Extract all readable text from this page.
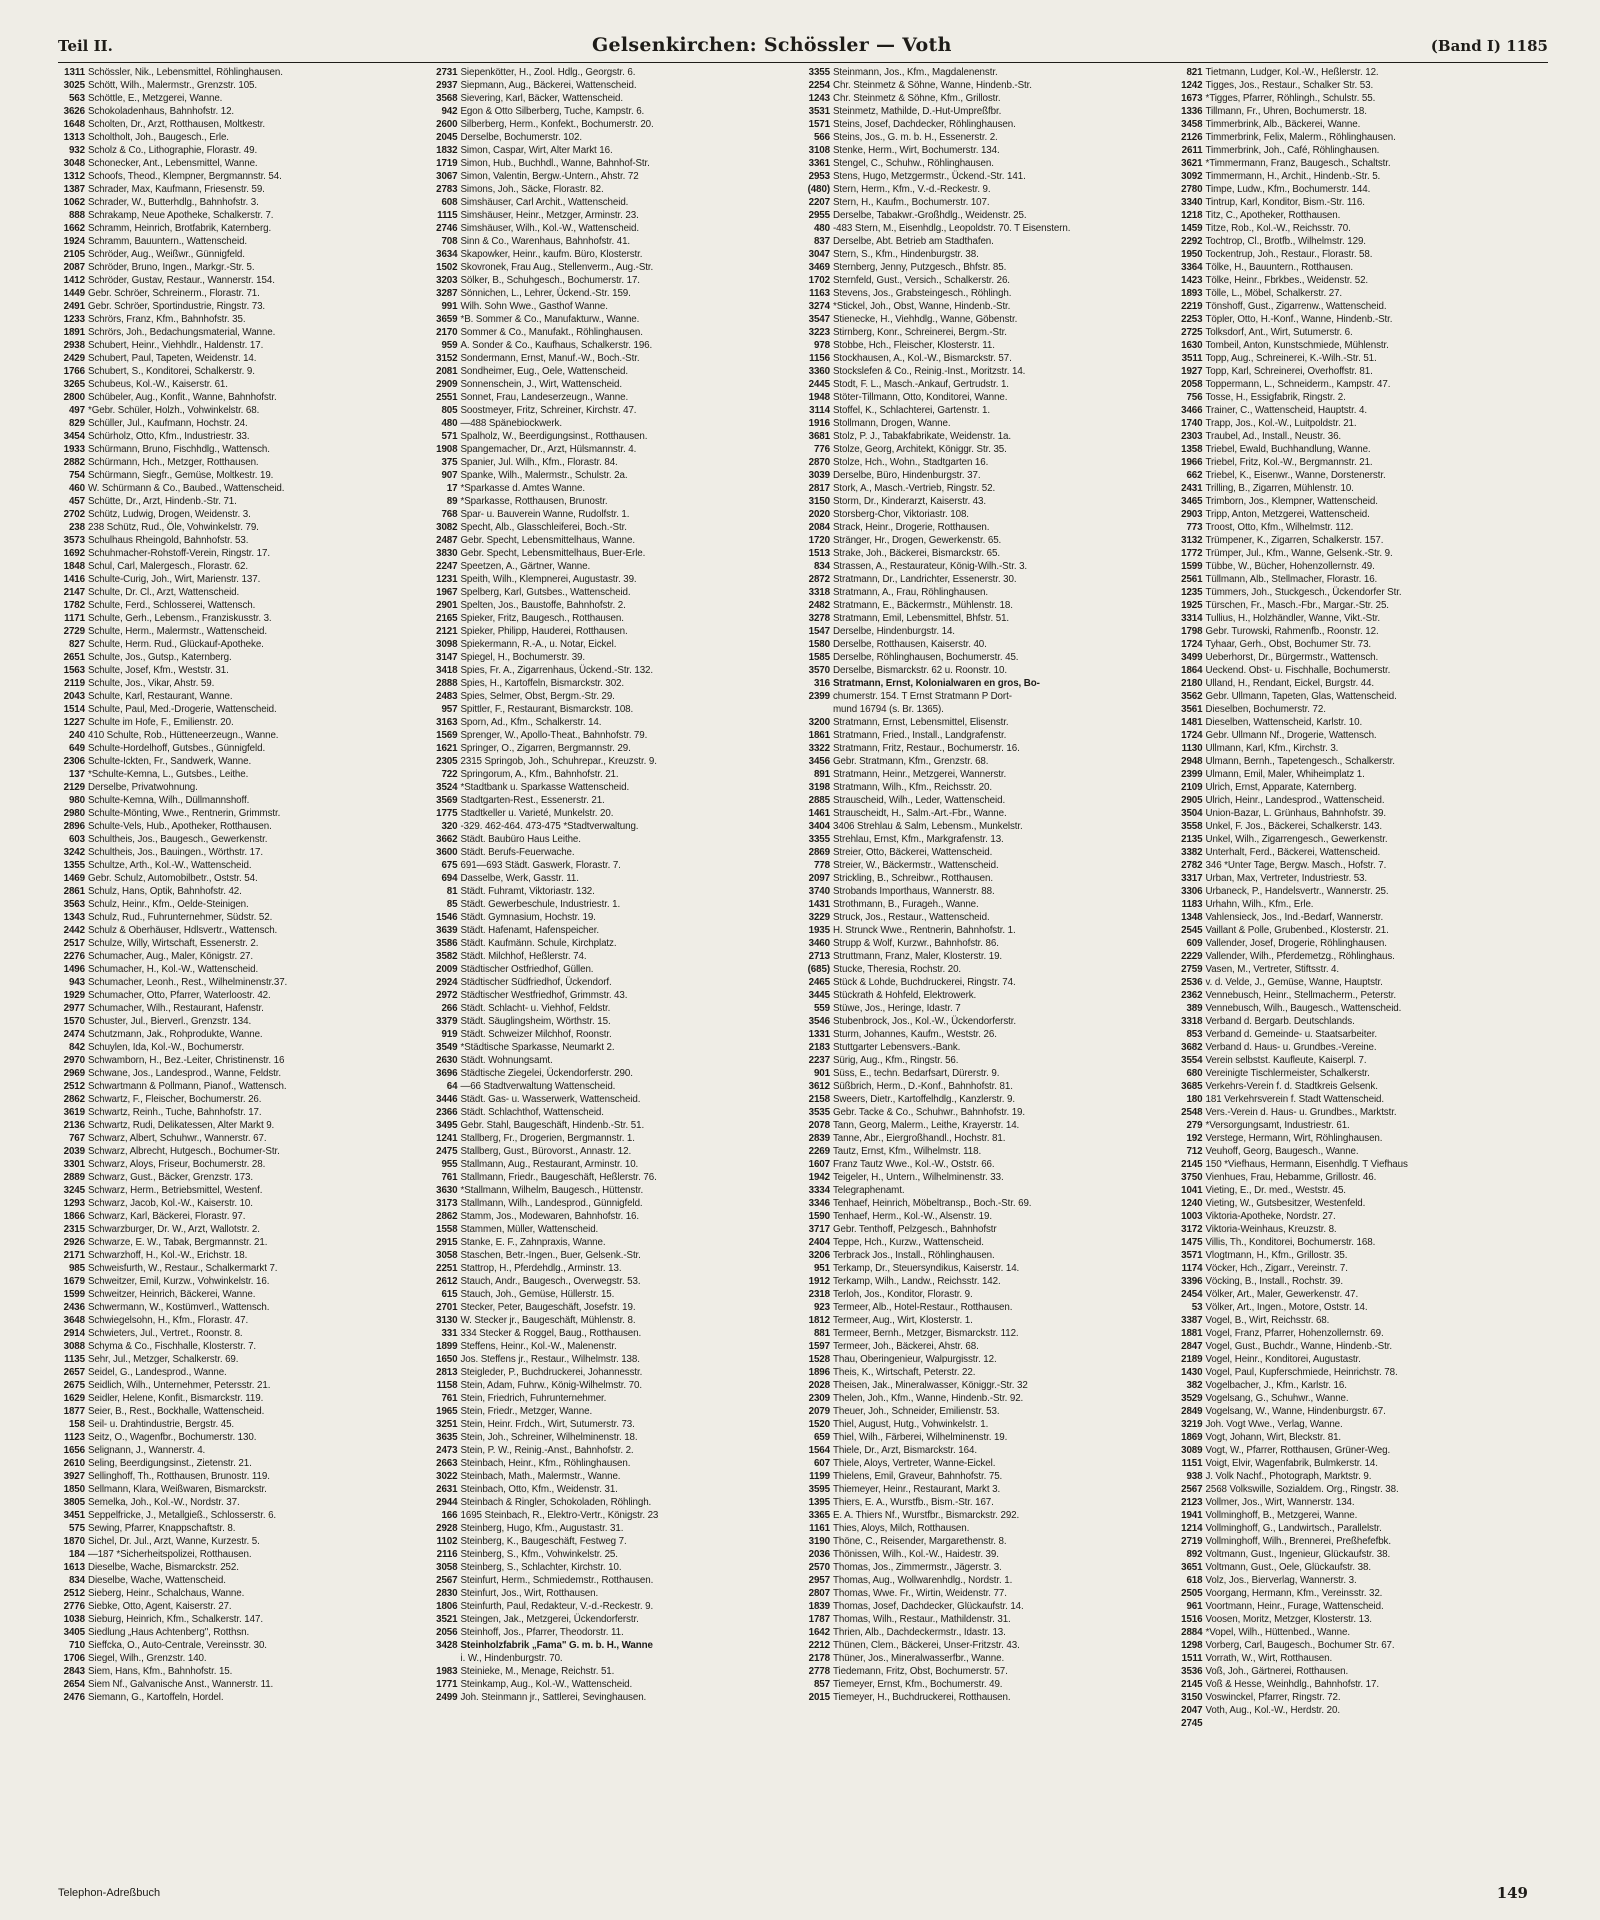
Teil II.	Gelsenkirchen: Schössler — Voth	(Band I) 1185
1311 Schössler, Nik., Lebensmittel, Röhlinghausen.
3025 Schött, Wilh., Malermstr., Grenzstr. 105.
563 Schöttle, E., Metzgerei, Wanne.
3626 Schokoladenhaus, Bahnhofstr. 12.
1648 Scholten, Dr., Arzt, Rotthausen, Moltkestr.
1313 Scholtholt, Joh., Baugesch., Erle.
932 Scholz & Co., Lithographie, Florastr. 49.
3048 Schonecker, Ant., Lebensmittel, Wanne.
1312 Schoofs, Theod., Klempner, Bergmannstr. 54.
1387 Schrader, Max, Kaufmann, Friesenstr. 59.
1062 Schrader, W., Butterhdlg., Bahnhofstr. 3.
888 Schrakamp, Neue Apotheke, Schalkerstr. 7.
1662 Schramm, Heinrich, Brotfabrik, Katernberg.
1924 Schramm, Bauuntern., Wattenscheid.
2105 Schröder, Aug., Weißwr., Günnigfeld.
2087 Schröder, Bruno, Ingen., Markgr.-Str. 5.
1412 Schröder, Gustav, Restaur., Wannerstr. 154.
1449 Gebr. Schröer, Schreinerm., Florastr. 71.
2491 Gebr. Schröer, Sportindustrie, Ringstr. 73.
1233 Schrörs, Franz, Kfm., Bahnhofstr. 35.
1891 Schrörs, Joh., Bedachungsmaterial, Wanne.
2938 Schubert, Heinr., Viehhdlr., Haldenstr. 17.
2429 Schubert, Paul, Tapeten, Weidenstr. 14.
1766 Schubert, S., Konditorei, Schalkerstr. 9.
3265 Schubeus, Kol.-W., Kaiserstr. 61.
2800 Schübeler, Aug., Konfit., Wanne, Bahnhofstr.
497 *Gebr. Schüler, Holzh., Vohwinkelstr. 68.
829 Schüller, Jul., Kaufmann, Hochstr. 24.
3454 Schürholz, Otto, Kfm., Industriestr. 33.
1933 Schürmann, Bruno, Fischhdlg., Wattensch.
2882 Schürmann, Hch., Metzger, Rotthausen.
754 Schürmann, Siegfr., Gemüse, Moltkestr. 19.
460 W. Schürmann & Co., Baubed., Wattenscheid.
457 Schütte, Dr., Arzt, Hindenb.-Str. 71.
2702 Schütz, Ludwig, Drogen, Weidenstr. 3.
238 238 Schütz, Rud., Öle, Vohwinkelstr. 79.
3573 Schulhaus Rheingold, Bahnhofstr. 53.
1692 Schuhmacher-Rohstoff-Verein, Ringstr. 17.
1848 Schul, Carl, Malergesch., Florastr. 62.
1416 Schulte-Curig, Joh., Wirt, Marienstr. 137.
2147 Schulte, Dr. Cl., Arzt, Wattenscheid.
1782 Schulte, Ferd., Schlosserei, Wattensch.
1171 Schulte, Gerh., Lebensm., Franziskusstr. 3.
2729 Schulte, Herm., Malermstr., Wattenscheid.
827 Schulte, Herm. Rud., Glückauf-Apotheke.
2651 Schulte, Jos., Gutsp., Katernberg.
1563 Schulte, Josef, Kfm., Weststr. 31.
2119 Schulte, Jos., Vikar, Ahstr. 59.
2043 Schulte, Karl, Restaurant, Wanne.
1514 Schulte, Paul, Med.-Drogerie, Wattenscheid.
1227 Schulte im Hofe, F., Emilienstr. 20.
240 410 Schulte, Rob., Hütteneerzeugn., Wanne.
649 Schulte-Hordelhoff, Gutsbes., Günnigfeld.
2306 Schulte-Ickten, Fr., Sandwerk, Wanne.
137 *Schulte-Kemna, L., Gutsbes., Leithe.
2129 Derselbe, Privatwohnung.
980 Schulte-Kemna, Wilh., Düllmannshoff.
2980 Schulte-Mönting, Wwe., Rentnerin, Grimmstr.
2896 Schulte-Vels, Hub., Apotheker, Rotthausen.
603 Schultheis, Jos., Baugesch., Gewerkenstr.
3242 Schultheis, Jos., Bauingen., Wörthstr. 17.
1355 Schultze, Arth., Kol.-W., Wattenscheid.
1469 Gebr. Schulz, Automobilbetr., Oststr. 54.
2861 Schulz, Hans, Optik, Bahnhofstr. 42.
3563 Schulz, Heinr., Kfm., Oelde-Steinigen.
1343 Schulz, Rud., Fuhrunternehmer, Südstr. 52.
2442 Schulz & Oberhäuser, Hdlsvertr., Wattensch.
2517 Schulze, Willy, Wirtschaft, Essenerstr. 2.
2276 Schumacher, Aug., Maler, Königstr. 27.
1496 Schumacher, H., Kol.-W., Wattenscheid.
943 Schumacher, Leonh., Rest., Wilhelminenstr.37.
1929 Schumacher, Otto, Pfarrer, Waterloostr. 42.
2977 Schumacher, Wilh., Restaurant, Hafenstr.
1570 Schuster, Jul., Bierverl., Grenzstr. 134.
2474 Schutzmann, Jak., Rohprodukte, Wanne.
842 Schuylen, Ida, Kol.-W., Bochumerstr.
2970 Schwamborn, H., Bez.-Leiter, Christinenstr. 16
2969 Schwane, Jos., Landesprod., Wanne, Feldstr.
2512 Schwartmann & Pollmann, Pianof., Wattensch.
2862 Schwartz, F., Fleischer, Bochumerstr. 26.
3619 Schwartz, Reinh., Tuche, Bahnhofstr. 17.
2136 Schwartz, Rudi, Delikatessen, Alter Markt 9.
767 Schwarz, Albert, Schuhwr., Wannerstr. 67.
2039 Schwarz, Albrecht, Hutgesch., Bochumer-Str.
3301 Schwarz, Aloys, Friseur, Bochumerstr. 28.
2889 Schwarz, Gust., Bäcker, Grenzstr. 173.
3245 Schwarz, Herm., Betriebsmittel, Westenf.
1293 Schwarz, Jacob, Kol.-W., Kaiserstr. 10.
1866 Schwarz, Karl, Bäckerei, Florastr. 97.
2315 Schwarzburger, Dr. W., Arzt, Wallotstr. 2.
2926 Schwarze, E. W., Tabak, Bergmannstr. 21.
2171 Schwarzhoff, H., Kol.-W., Erichstr. 18.
985 Schweisfurth, W., Restaur., Schalkermarkt 7.
1679 Schweitzer, Emil, Kurzw., Vohwinkelstr. 16.
1599 Schweitzer, Heinrich, Bäckerei, Wanne.
2436 Schwermann, W., Kostümverl., Wattensch.
3648 Schwiegelsohn, H., Kfm., Florastr. 47.
2914 Schwieters, Jul., Vertret., Roonstr. 8.
3088 Schyma & Co., Fischhalle, Klosterstr. 7.
1135 Sehr, Jul., Metzger, Schalkerstr. 69.
2657 Seidel, G., Landesprod., Wanne.
2675 Seidlich, Wilh., Unternehmer, Petersstr. 21.
1629 Seidler, Helene, Konfit., Bismarckstr. 119.
1877 Seier, B., Rest., Bockhalle, Wattenscheid.
158 Seil- u. Drahtindustrie, Bergstr. 45.
1123 Seitz, O., Wagenfbr., Bochumerstr. 130.
1656 Selignann, J., Wannerstr. 4.
2610 Seling, Beerdigungsinst., Zietenstr. 21.
3927 Sellinghoff, Th., Rotthausen, Brunostr. 119.
1850 Sellmann, Klara, Weißwaren, Bismarckstr.
3805 Semelka, Joh., Kol.-W., Nordstr. 37.
3451 Seppelfricke, J., Metallgieß., Schlosserstr. 6.
575 Sewing, Pfarrer, Knappschaftstr. 8.
1870 Sichel, Dr. Jul., Arzt, Wanne, Kurzestr. 5.
184 —187 *Sicherheitspolizei, Rotthausen.
1613 Dieselbe, Wache, Bismarckstr. 252.
834 Dieselbe, Wache, Wattenscheid.
2512 Sieberg, Heinr., Schalchaus, Wanne.
2776 Siebke, Otto, Agent, Kaiserstr. 27.
1038 Sieburg, Heinrich, Kfm., Schalkerstr. 147.
3405 Siedlung „Haus Achtenberg", Rotthsn.
710 Sieffcka, O., Auto-Centrale, Vereinsstr. 30.
1706 Siegel, Wilh., Grenzstr. 140.
2843 Siem, Hans, Kfm., Bahnhofstr. 15.
2654 Siem Nf., Galvanische Anst., Wannerstr. 11.
2476 Siemann, G., Kartoffeln, Hordel.
2731 Siepenkötter, H., Zool. Hdlg., Georgstr. 6.
2937 Siepmann, Aug., Bäckerei, Wattenscheid.
3568 Sievering, Karl, Bäcker, Wattenscheid.
942 Egon & Otto Silberberg, Tuche, Kampstr. 6.
2600 Silberberg, Herm., Konfekt., Bochumerstr. 20.
2045 Derselbe, Bochumerstr. 102.
1832 Simon, Caspar, Wirt, Alter Markt 16.
1719 Simon, Hub., Buchhdl., Wanne, Bahnhof-Str.
3067 Simon, Valentin, Bergw.-Untern., Ahstr. 72
2783 Simons, Joh., Säcke, Florastr. 82.
608 Simshäuser, Carl Archit., Wattenscheid.
1115 Simshäuser, Heinr., Metzger, Arminstr. 23.
2746 Simshäuser, Wilh., Kol.-W., Wattenscheid.
708 Sinn & Co., Warenhaus, Bahnhofstr. 41.
3634 Skapowker, Heinr., kaufm. Büro, Klosterstr.
1502 Skovronek, Frau Aug., Stellenverm., Aug.-Str.
3203 Sölker, B., Schuhgesch., Bochumerstr. 17.
3287 Sönnichen, L., Lehrer, Ückend.-Str. 159.
991 Wilh. Sohn Wwe., Gasthof Wanne.
3659 *B. Sommer & Co., Manufakturw., Wanne.
2170 Sommer & Co., Manufakt., Röhlinghausen.
959 A. Sonder & Co., Kaufhaus, Schalkerstr. 196.
3152 Sondermann, Ernst, Manuf.-W., Boch.-Str.
2081 Sondheimer, Eug., Oele, Wattenscheid.
2909 Sonnenschein, J., Wirt, Wattenscheid.
2551 Sonnet, Frau, Landeserzeugn., Wanne.
805 Soostmeyer, Fritz, Schreiner, Kirchstr. 47.
480 —488 Spänebiockwerk.
571 Spalholz, W., Beerdigungsinst., Rotthausen.
1908 Spangemacher, Dr., Arzt, Hülsmannstr. 4.
375 Spanier, Jul. Wilh., Kfm., Florastr. 84.
907 Spanke, Wilh., Malermstr., Schulstr. 2a.
17 *Sparkasse d. Amtes Wanne.
89 *Sparkasse, Rotthausen, Brunostr.
768 Spar- u. Bauverein Wanne, Rudolfstr. 1.
3082 Specht, Alb., Glasschleiferei, Boch.-Str.
2487 Gebr. Specht, Lebensmittelhaus, Wanne.
3830 Gebr. Specht, Lebensmittelhaus, Buer-Erle.
2247 Speetzen, A., Gärtner, Wanne.
1231 Speith, Wilh., Klempnerei, Augustastr. 39.
1967 Spelberg, Karl, Gutsbes., Wattenscheid.
2901 Spelten, Jos., Baustoffe, Bahnhofstr. 2.
2165 Spieker, Fritz, Baugesch., Rotthausen.
2121 Spieker, Philipp, Hauderei, Rotthausen.
3098 Spiekermann, R.-A., u. Notar, Eickel.
3147 Spiegel, H., Bochumerstr. 39.
3418 Spies, Fr. A., Zigarrenhaus, Ückend.-Str. 132.
2888 Spies, H., Kartoffeln, Bismarckstr. 302.
2483 Spies, Selmer, Obst, Bergm.-Str. 29.
957 Spittler, F., Restaurant, Bismarckstr. 108.
3163 Sporn, Ad., Kfm., Schalkerstr. 14.
1569 Sprenger, W., Apollo-Theat., Bahnhofstr. 79.
1621 Springer, O., Zigarren, Bergmannstr. 29.
2305 2315 Springob, Joh., Schuhrepar., Kreuzstr. 9.
722 Springorum, A., Kfm., Bahnhofstr. 21.
3524 *Stadtbank u. Sparkasse Wattenscheid.
3569 Stadtgarten-Rest., Essenerstr. 21.
1775 Stadtkeller u. Varieté, Munkelstr. 20.
320 -329. 462-464. 473-475 *Stadtverwaltung.
3662 Städt. Baubüro Haus Leithe.
3600 Städt. Berufs-Feuerwache.
675 691—693 Städt. Gaswerk, Florastr. 7.
694 Dasselbe, Werk, Gasstr. 11.
81 Städt. Fuhramt, Viktoriastr. 132.
85 Städt. Gewerbeschule, Industriestr. 1.
1546 Städt. Gymnasium, Hochstr. 19.
3639 Städt. Hafenamt, Hafenspeicher.
3586 Städt. Kaufmänn. Schule, Kirchplatz.
3582 Städt. Milchhof, Heßlerstr. 74.
2009 Städtischer Ostfriedhof, Güllen.
2924 Städtischer Südfriedhof, Ückendorf.
2972 Städtischer Westfriedhof, Grimmstr. 43.
266 Städt. Schlacht- u. Viehhof, Feldstr.
3379 Städt. Säuglingsheim, Wörthstr. 15.
919 Städt. Schweizer Milchhof, Roonstr.
3549 *Städtische Sparkasse, Neumarkt 2.
2630 Städt. Wohnungsamt.
3696 Städtische Ziegelei, Ückendorferstr. 290.
64 —66 Stadtverwaltung Wattenscheid.
3446 Städt. Gas- u. Wasserwerk, Wattenscheid.
2366 Städt. Schlachthof, Wattenscheid.
3495 Gebr. Stahl, Baugeschäft, Hindenb.-Str. 51.
1241 Stallberg, Fr., Drogerien, Bergmannstr. 1.
2475 Stallberg, Gust., Bürovorst., Annastr. 12.
955 Stallmann, Aug., Restaurant, Arminstr. 10.
761 Stallmann, Friedr., Baugeschäft, Heßlerstr. 76.
3630 *Stallmann, Wilhelm, Baugesch., Hüttenstr.
3173 Stallmann, Wilh., Landesprod., Günnigfeld.
2862 Stamm, Jos., Modewaren, Bahnhofstr. 16.
1558 Stammen, Müller, Wattenscheid.
2915 Stanke, E. F., Zahnpraxis, Wanne.
3058 Staschen, Betr.-Ingen., Buer, Gelsenk.-Str.
2251 Stattrop, H., Pferdehdlg., Arminstr. 13.
2612 Stauch, Andr., Baugesch., Overwegstr. 53.
615 Stauch, Joh., Gemüse, Hüllerstr. 15.
2701 Stecker, Peter, Baugeschäft, Josefstr. 19.
3130 W. Stecker jr., Baugeschäft, Mühlenstr. 8.
331 334 Stecker & Roggel, Baug., Rotthausen.
1899 Steffens, Heinr., Kol.-W., Malenenstr.
1650 Jos. Steffens jr., Restaur., Wilhelmstr. 138.
2813 Steigleder, P., Buchdruckerei, Johannesstr.
1158 Stein, Adam, Fuhrw., König-Wilhelmstr. 70.
761 Stein, Friedrich, Fuhrunternehmer.
1965 Stein, Friedr., Metzger, Wanne.
3251 Stein, Heinr. Frdch., Wirt, Sutumerstr. 73.
3635 Stein, Joh., Schreiner, Wilhelminenstr. 18.
2473 Stein, P. W., Reinig.-Anst., Bahnhofstr. 2.
2663 Steinbach, Heinr., Kfm., Röhlinghausen.
3022 Steinbach, Math., Malermstr., Wanne.
2631 Steinbach, Otto, Kfm., Weidenstr. 31.
2944 Steinbach & Ringler, Schokoladen, Röhlingh.
166 1695 Steinbach, R., Elektro-Vertr., Königstr. 23
2928 Steinberg, Hugo, Kfm., Augustastr. 31.
1102 Steinberg, K., Baugeschäft, Festweg 7.
2116 Steinberg, S., Kfm., Vohwinkelstr. 25.
3058 Steinberg, S., Schlachter, Kirchstr. 10.
2567 Steinfurt, Herm., Schmiedemstr., Rotthausen.
2830 Steinfurt, Jos., Wirt, Rotthausen.
1806 Steinfurth, Paul, Redakteur, V.-d.-Reckestr. 9.
3521 Steingen, Jak., Metzgerei, Ückendorferstr.
2056 Steinhoff, Jos., Pfarrer, Theodorstr. 11.
3428 Steinholzfabrik „Fama" G. m. b. H., Wanne
i. W., Hindenburgstr. 70.
1983 Steinieke, M., Menage, Reichstr. 51.
1771 Steinkamp, Aug., Kol.-W., Wattenscheid.
2499 Joh. Steinmann jr., Sattlerei, Sevinghausen.
3355 Steinmann, Jos., Kfm., Magdalenenstr.
2254 Chr. Steinmetz & Söhne, Wanne, Hindenb.-Str.
1243 Chr. Steinmetz & Söhne, Kfm., Grillostr.
3531 Steinmetz, Mathilde, D.-Hut-Umpreßfbr.
1571 Steins, Josef, Dachdecker, Röhlinghausen.
566 Steins, Jos., G. m. b. H., Essenerstr. 2.
3108 Stenke, Herm., Wirt, Bochumerstr. 134.
3361 Stengel, C., Schuhw., Röhlinghausen.
2953 Stens, Hugo, Metzgermstr., Ückend.-Str. 141.
(480) Stern, Herm., Kfm., V.-d.-Reckestr. 9.
2207 Stern, H., Kaufm., Bochumerstr. 107.
2955 Derselbe, Tabakwr.-Großhdlg., Weidenstr. 25.
480 -483 Stern, M., Eisenhdlg., Leopoldstr. 70. T Eisenstern.
837 Derselbe, Abt. Betrieb am Stadthafen.
3047 Stern, S., Kfm., Hindenburgstr. 38.
3469 Sternberg, Jenny, Putzgesch., Bhfstr. 85.
1702 Sternfeld, Gust., Versich., Schalkerstr. 26.
1163 Stevens, Jos., Grabsteingesch., Röhlingh.
3274 *Stickel, Joh., Obst, Wanne, Hindenb.-Str.
3547 Stienecke, H., Viehhdlg., Wanne, Göbenstr.
3223 Stirnberg, Konr., Schreinerei, Bergm.-Str.
978 Stobbe, Hch., Fleischer, Klosterstr. 11.
1156 Stockhausen, A., Kol.-W., Bismarckstr. 57.
3360 Stockslefen & Co., Reinig.-Inst., Moritzstr. 14.
2445 Stodt, F. L., Masch.-Ankauf, Gertrudstr. 1.
1948 Stöter-Tillmann, Otto, Konditorei, Wanne.
3114 Stoffel, K., Schlachterei, Gartenstr. 1.
1916 Stollmann, Drogen, Wanne.
3681 Stolz, P. J., Tabakfabrikate, Weidenstr. 1a.
776 Stolze, Georg, Architekt, Königgr. Str. 35.
2870 Stolze, Hch., Wohn., Stadtgarten 16.
3039 Derselbe, Büro, Hindenburgstr. 37.
2817 Stork, A., Masch.-Vertrieb, Ringstr. 52.
3150 Storm, Dr., Kinderarzt, Kaiserstr. 43.
2020 Storsberg-Chor, Viktoriastr. 108.
2084 Strack, Heinr., Drogerie, Rotthausen.
1720 Stränger, Hr., Drogen, Gewerkenstr. 65.
1513 Strake, Joh., Bäckerei, Bismarckstr. 65.
834 Strassen, A., Restaurateur, König-Wilh.-Str. 3.
2872 Stratmann, Dr., Landrichter, Essenerstr. 30.
3318 Stratmann, A., Frau, Röhlinghausen.
2482 Stratmann, E., Bäckermstr., Mühlenstr. 18.
3278 Stratmann, Emil, Lebensmittel, Bhfstr. 51.
1547 Derselbe, Hindenburgstr. 14.
1580 Derselbe, Rotthausen, Kaiserstr. 40.
1585 Derselbe, Röhlinghausen, Bochumerstr. 45.
3570 Derselbe, Bismarckstr. 62 u. Roonstr. 10.
316 Stratmann, Ernst, Kolonialwaren en gros, Bo-
2399 chumerstr. 154. T Ernst Stratmann P Dort-
mund 16794 (s. Br. 1365).
3200 Stratmann, Ernst, Lebensmittel, Elisenstr.
1861 Stratmann, Fried., Install., Landgrafenstr.
3322 Stratmann, Fritz, Restaur., Bochumerstr. 16.
3456 Gebr. Stratmann, Kfm., Grenzstr. 68.
891 Stratmann, Heinr., Metzgerei, Wannerstr.
3198 Stratmann, Wilh., Kfm., Reichsstr. 20.
2885 Strauscheid, Wilh., Leder, Wattenscheid.
1461 Strauscheidt, H., Salm.-Art.-Fbr., Wanne.
3404 3406 Strehlau & Salm, Lebensm., Munkelstr.
3355 Strehlau, Ernst, Kfm., Markgrafenstr. 13.
2869 Streier, Otto, Bäckerei, Wattenscheid.
778 Streier, W., Bäckermstr., Wattenscheid.
2097 Strickling, B., Schreibwr., Rotthausen.
3740 Strobands Importhaus, Wannerstr. 88.
1431 Strothmann, B., Furageh., Wanne.
3229 Struck, Jos., Restaur., Wattenscheid.
1935 H. Strunck Wwe., Rentnerin, Bahnhofstr. 1.
3460 Strupp & Wolf, Kurzwr., Bahnhofstr. 86.
2713 Struttmann, Franz, Maler, Klosterstr. 19.
(685) Stucke, Theresia, Rochstr. 20.
2465 Stück & Lohde, Buchdruckerei, Ringstr. 74.
3445 Stückrath & Hohfeld, Elektrowerk.
559 Stüwe, Jos., Heringe, Idastr. 7
3546 Stubenbrock, Jos., Kol.-W., Ückendorferstr.
1331 Sturm, Johannes, Kaufm., Weststr. 26.
2183 Stuttgarter Lebensvers.-Bank.
2237 Sürig, Aug., Kfm., Ringstr. 56.
901 Süss, E., techn. Bedarfsart, Dürerstr. 9.
3612 Süßbrich, Herm., D.-Konf., Bahnhofstr. 81.
2158 Sweers, Dietr., Kartoffelhdlg., Kanzlerstr. 9.
3535 Gebr. Tacke & Co., Schuhwr., Bahnhofstr. 19.
2078 Tann, Georg, Malerm., Leithe, Krayerstr. 14.
2839 Tanne, Abr., Eiergroßhandl., Hochstr. 81.
2269 Tautz, Ernst, Kfm., Wilhelmstr. 118.
1607 Franz Tautz Wwe., Kol.-W., Oststr. 66.
1942 Teigeler, H., Untern., Wilhelminenstr. 33.
3334 Telegraphenamt.
3346 Tenhaef, Heinrich, Möbeltransp., Boch.-Str. 69.
1590 Tenhaef, Herm., Kol.-W., Alsenstr. 19.
3717 Gebr. Tenthoff, Pelzgesch., Bahnhofstr
2404 Teppe, Hch., Kurzw., Wattenscheid.
3206 Terbrack Jos., Install., Röhlinghausen.
951 Terkamp, Dr., Steuersyndikus, Kaiserstr. 14.
1912 Terkamp, Wilh., Landw., Reichsstr. 142.
2318 Terloh, Jos., Konditor, Florastr. 9.
923 Termeer, Alb., Hotel-Restaur., Rotthausen.
1812 Termeer, Aug., Wirt, Klosterstr. 1.
881 Termeer, Bernh., Metzger, Bismarckstr. 112.
1597 Termeer, Joh., Bäckerei, Ahstr. 68.
1528 Thau, Oberingenieur, Walpurgisstr. 12.
1896 Theis, K., Wirtschaft, Peterstr. 22.
2028 Theisen, Jak., Mineralwasser, Königgr.-Str. 32
2309 Thelen, Joh., Kfm., Wanne, Hindenb.-Str. 92.
2079 Theuer, Joh., Schneider, Emilienstr. 53.
1520 Thiel, August, Hutg., Vohwinkelstr. 1.
659 Thiel, Wilh., Färberei, Wilhelminenstr. 19.
1564 Thiele, Dr., Arzt, Bismarckstr. 164.
607 Thiele, Aloys, Vertreter, Wanne-Eickel.
1199 Thielens, Emil, Graveur, Bahnhofstr. 75.
3595 Thiemeyer, Heinr., Restaurant, Markt 3.
1395 Thiers, E. A., Wurstfb., Bism.-Str. 167.
3365 E. A. Thiers Nf., Wurstfbr., Bismarckstr. 292.
1161 Thies, Aloys, Milch, Rotthausen.
3190 Thöne, C., Reisender, Margarethenstr. 8.
2036 Thönissen, Wilh., Kol.-W., Haidestr. 39.
2570 Thomas, Jos., Zimmermstr., Jägerstr. 3.
2957 Thomas, Aug., Wollwarenhdlg., Nordstr. 1.
2807 Thomas, Wwe. Fr., Wirtin, Weidenstr. 77.
1839 Thomas, Josef, Dachdecker, Glückaufstr. 14.
1787 Thomas, Wilh., Restaur., Mathildenstr. 31.
1642 Thrien, Alb., Dachdeckermstr., Idastr. 13.
2212 Thünen, Clem., Bäckerei, Unser-Fritzstr. 43.
2178 Thüner, Jos., Mineralwasserfbr., Wanne.
2778 Tiedemann, Fritz, Obst, Bochumerstr. 57.
857 Tiemeyer, Ernst, Kfm., Bochumerstr. 49.
2015 Tiemeyer, H., Buchdruckerei, Rotthausen.
821 Tietmann, Ludger, Kol.-W., Heßlerstr. 12.
1242 Tigges, Jos., Restaur., Schalker Str. 53.
1673 *Tigges, Pfarrer, Röhlingh., Schulstr. 55.
1336 Tillmann, Fr., Uhren, Bochumerstr. 18.
3458 Timmerbrink, Alb., Bäckerei, Wanne.
2126 Timmerbrink, Felix, Malerm., Röhlinghausen.
2611 Timmerbrink, Joh., Café, Röhlinghausen.
3621 *Timmermann, Franz, Baugesch., Schaltstr.
3092 Timmermann, H., Archit., Hindenb.-Str. 5.
2780 Timpe, Ludw., Kfm., Bochumerstr. 144.
3340 Tintrup, Karl, Konditor, Bism.-Str. 116.
1218 Titz, C., Apotheker, Rotthausen.
1459 Titze, Rob., Kol.-W., Reichsstr. 70.
2292 Tochtrop, Cl., Brotfb., Wilhelmstr. 129.
1950 Tockentrup, Joh., Restaur., Florastr. 58.
3364 Tölke, H., Bauuntern., Rotthausen.
1423 Tölke, Heinr., Fbrkbes., Weidenstr. 52.
1893 Tölle, L., Möbel, Schalkerstr. 27.
2219 Tönshoff, Gust., Zigarrenw., Wattenscheid.
2253 Töpler, Otto, H.-Konf., Wanne, Hindenb.-Str.
2725 Tolksdorf, Ant., Wirt, Sutumerstr. 6.
1630 Tombeil, Anton, Kunstschmiede, Mühlenstr.
3511 Topp, Aug., Schreinerei, K.-Wilh.-Str. 51.
1927 Topp, Karl, Schreinerei, Overhoffstr. 81.
2058 Toppermann, L., Schneiderm., Kampstr. 47.
756 Tosse, H., Essigfabrik, Ringstr. 2.
3466 Trainer, C., Wattenscheid, Hauptstr. 4.
1740 Trapp, Jos., Kol.-W., Luitpoldstr. 21.
2303 Traubel, Ad., Install., Neustr. 36.
1358 Triebel, Ewald, Buchhandlung, Wanne.
1966 Triebel, Fritz, Kol.-W., Bergmannstr. 21.
662 Triebel, K., Eisenwr., Wanne, Dorstenerstr.
2431 Trilling, B., Zigarren, Mühlenstr. 10.
3465 Trimborn, Jos., Klempner, Wattenscheid.
2903 Tripp, Anton, Metzgerei, Wattenscheid.
773 Troost, Otto, Kfm., Wilhelmstr. 112.
3132 Trümpener, K., Zigarren, Schalkerstr. 157.
1772 Trümper, Jul., Kfm., Wanne, Gelsenk.-Str. 9.
1599 Tübbe, W., Bücher, Hohenzollernstr. 49.
2561 Tüllmann, Alb., Stellmacher, Florastr. 16.
1235 Tümmers, Joh., Stuckgesch., Ückendorfer Str.
1925 Türschen, Fr., Masch.-Fbr., Margar.-Str. 25.
3314 Tullius, H., Holzhändler, Wanne, Vikt.-Str.
1798 Gebr. Turowski, Rahmenfb., Roonstr. 12.
1724 Tyhaar, Gerh., Obst, Bochumer Str. 73.
3499 Ueberhorst, Dr., Bürgermstr., Wattensch.
1864 Ueckend. Obst- u. Fischhalle, Bochumerstr.
2180 Ulland, H., Rendant, Eickel, Burgstr. 44.
3562 Gebr. Ullmann, Tapeten, Glas, Wattenscheid.
3561 Dieselben, Bochumerstr. 72.
1481 Dieselben, Wattenscheid, Karlstr. 10.
1724 Gebr. Ullmann Nf., Drogerie, Wattensch.
1130 Ullmann, Karl, Kfm., Kirchstr. 3.
2948 Ulmann, Bernh., Tapetengesch., Schalkerstr.
2399 Ulmann, Emil, Maler, Whiheimplatz 1.
2109 Ulrich, Ernst, Apparate, Katernberg.
2905 Ulrich, Heinr., Landesprod., Wattenscheid.
3504 Union-Bazar, L. Grünhaus, Bahnhofstr. 39.
3558 Unkel, F. Jos., Bäckerei, Schalkerstr. 143.
2135 Unkel, Wilh., Zigarrengesch., Gewerkenstr.
3382 Unterhalt, Ferd., Bäckerei, Wattenscheid.
2782 346 *Unter Tage, Bergw. Masch., Hofstr. 7.
3317 Urban, Max, Vertreter, Industriestr. 53.
3306 Urbaneck, P., Handelsvertr., Wannerstr. 25.
1183 Urhahn, Wilh., Kfm., Erle.
1348 Vahlensieck, Jos., Ind.-Bedarf, Wannerstr.
2545 Vaillant & Polle, Grubenbed., Klosterstr. 21.
609 Vallender, Josef, Drogerie, Röhlinghausen.
2229 Vallender, Wilh., Pferdemetzg., Röhlinghaus.
2759 Vasen, M., Vertreter, Stiftsstr. 4.
2536 v. d. Velde, J., Gemüse, Wanne, Hauptstr.
2362 Vennebusch, Heinr., Stellmacherm., Peterstr.
389 Vennebusch, Wilh., Baugesch., Wattenscheid.
3318 Verband d. Bergarb. Deutschlands.
853 Verband d. Gemeinde- u. Staatsarbeiter.
3682 Verband d. Haus- u. Grundbes.-Vereine.
3554 Verein selbstst. Kaufleute, Kaiserpl. 7.
680 Vereinigte Tischlermeister, Schalkerstr.
3685 Verkehrs-Verein f. d. Stadtkreis Gelsenk.
180 181 Verkehrsverein f. Stadt Wattenscheid.
2548 Vers.-Verein d. Haus- u. Grundbes., Marktstr.
279 *Versorgungsamt, Industriestr. 61.
192 Verstege, Hermann, Wirt, Röhlinghausen.
712 Veuhoff, Georg, Baugesch., Wanne.
2145 150 *Viefhaus, Hermann, Eisenhdlg. T Viefhaus
3750 Vienhues, Frau, Hebamme, Grillostr. 46.
1041 Vieting, E., Dr. med., Weststr. 45.
1240 Vieting, W., Gutsbesitzer, Westenfeld.
1003 Viktoria-Apotheke, Nordstr. 27.
3172 Viktoria-Weinhaus, Kreuzstr. 8.
1475 Villis, Th., Konditorei, Bochumerstr. 168.
3571 Vlogtmann, H., Kfm., Grillostr. 35.
1174 Vöcker, Hch., Zigarr., Vereinstr. 7.
3396 Vöcking, B., Install., Rochstr. 39.
2454 Völker, Art., Maler, Gewerkenstr. 47.
53 Völker, Art., Ingen., Motore, Oststr. 14.
3387 Vogel, B., Wirt, Reichsstr. 68.
1881 Vogel, Franz, Pfarrer, Hohenzollernstr. 69.
2847 Vogel, Gust., Buchdr., Wanne, Hindenb.-Str.
2189 Vogel, Heinr., Konditorei, Augustastr.
1430 Vogel, Paul, Kupferschmiede, Heinrichstr. 78.
382 Vogelbacher, J., Kfm., Karlstr. 16.
3529 Vogelsang, G., Schuhwr., Wanne.
2849 Vogelsang, W., Wanne, Hindenburgstr. 67.
3219 Joh. Vogt Wwe., Verlag, Wanne.
1869 Vogt, Johann, Wirt, Bleckstr. 81.
3089 Vogt, W., Pfarrer, Rotthausen, Grüner-Weg.
1151 Voigt, Elvir, Wagenfabrik, Bulmkerstr. 14.
938 J. Volk Nachf., Photograph, Marktstr. 9.
2567 2568 Volkswille, Sozialdem. Org., Ringstr. 38.
2123 Vollmer, Jos., Wirt, Wannerstr. 134.
1941 Vollminghoff, B., Metzgerei, Wanne.
1214 Vollminghoff, G., Landwirtsch., Parallelstr.
2719 Vollminghoff, Wilh., Brennerei, Preßhefefbk.
892 Voltmann, Gust., Ingenieur, Glückaufstr. 38.
3651 Voltmann, Gust., Oele, Glückaufstr. 38.
618 Volz, Jos., Bierverlag, Wannerstr. 3.
2505 Voorgang, Hermann, Kfm., Vereinsstr. 32.
961 Voortmann, Heinr., Furage, Wattenscheid.
1516 Voosen, Moritz, Metzger, Klosterstr. 13.
2884 *Vopel, Wilh., Hüttenbed., Wanne.
1298 Vorberg, Carl, Baugesch., Bochumer Str. 67.
1511 Vorrath, W., Wirt, Rotthausen.
3536 Voß, Joh., Gärtnerei, Rotthausen.
2145 Voß & Hesse, Weinhdlg., Bahnhofstr. 17.
3150 Voswinckel, Pfarrer, Ringstr. 72.
2047 Voth, Aug., Kol.-W., Herdstr. 20.
2745
Telephon-Adreßbuch	149
